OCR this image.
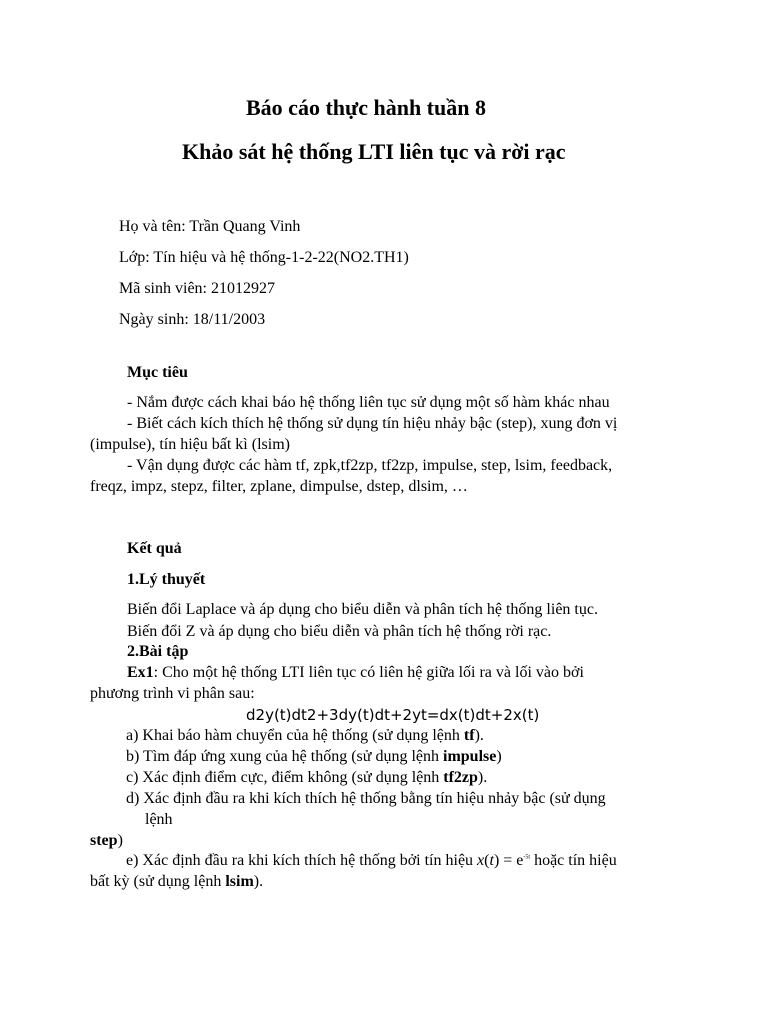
Báo cáo thực hành tuần 8
Khảo sát hệ thống LTI liên tục và rời rạc
Họ và tên: Trần Quang Vinh
Lớp: Tín hiệu và hệ thống-1-2-22(NO2.TH1)
Mã sinh viên: 21012927
Ngày sinh: 18/11/2003
Mục tiêu
- Nắm được cách khai báo hệ thống liên tục sử dụng một số hàm khác nhau
- Biết cách kích thích hệ thống sử dụng tín hiệu nhảy bậc (step), xung đơn vị
(impulse), tín hiệu bất kì (lsim)
- Vận dụng được các hàm tf, zpk,tf2zp, tf2zp, impulse, step, lsim, feedback,
freqz, impz, stepz, filter, zplane, dimpulse, dstep, dlsim, …
Kết quả
1.Lý thuyết
Biến đổi Laplace và áp dụng cho biểu diễn và phân tích hệ thống liên tục.
Biến đổi Z và áp dụng cho biểu diễn và phân tích hệ thống rời rạc.
2.Bài tập
Ex1: Cho một hệ thống LTI liên tục có liên hệ giữa lối ra và lối vào bởi
phương trình vi phân sau:
d2y(t)dt2+3dy(t)dt+2yt=dx(t)dt+2x(t)
a) Khai báo hàm chuyển của hệ thống (sử dụng lệnh tf).
b) Tìm đáp ứng xung của hệ thống (sử dụng lệnh impulse)
c) Xác định điểm cực, điểm không (sử dụng lệnh tf2zp).
d) Xác định đầu ra khi kích thích hệ thống bằng tín hiệu nhảy bậc (sử dụng
lệnh
step)
e) Xác định đầu ra khi kích thích hệ thống bởi tín hiệu $x(t) = e^{-5t}$ hoặc tín hiệu
bất kỳ (sử dụng lệnh lsim).
